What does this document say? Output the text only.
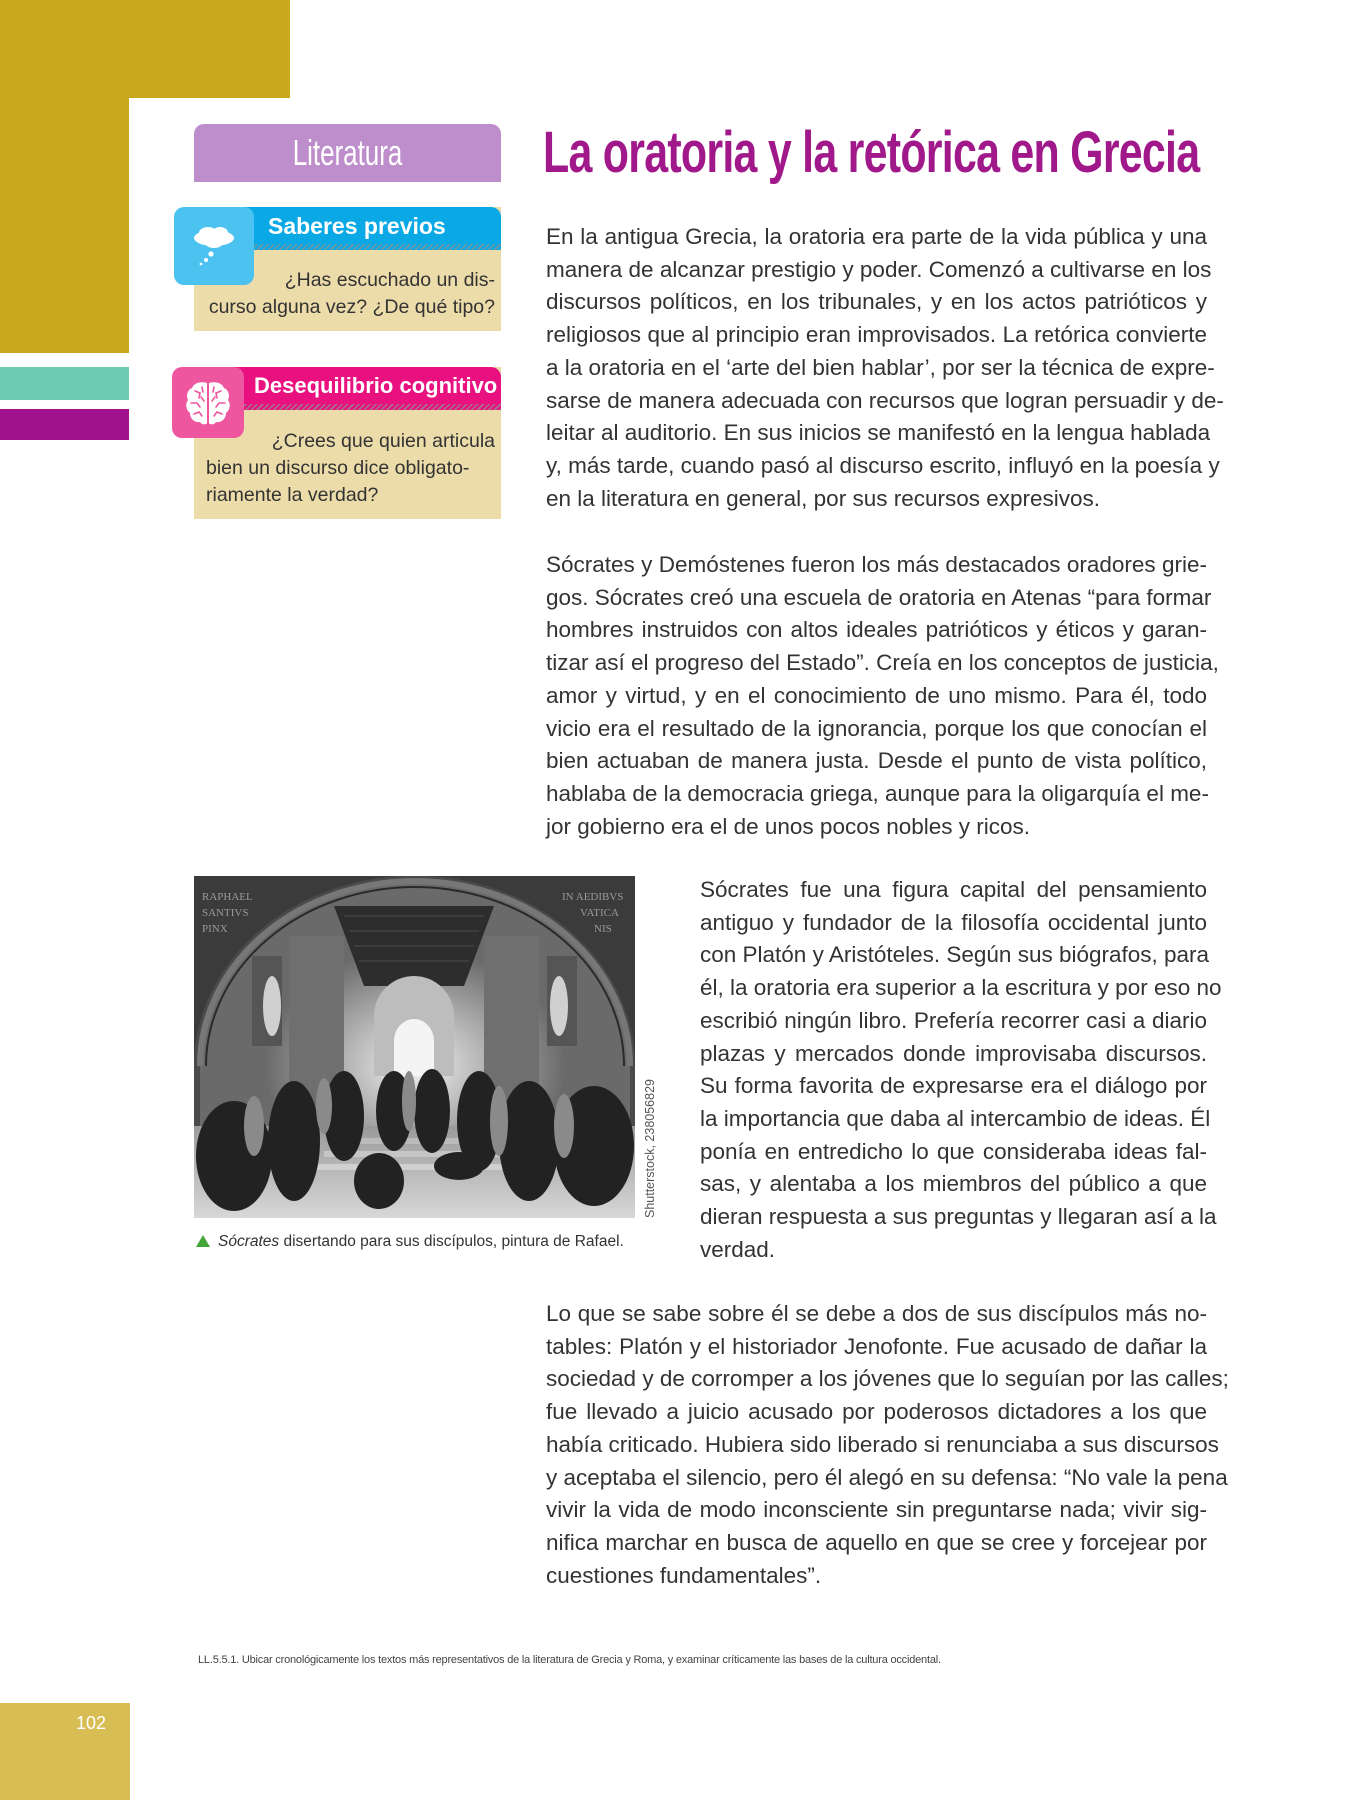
Literatura
Saberes previos
¿Has escuchado un dis-
curso alguna vez? ¿De qué tipo?
Desequilibrio cognitivo
¿Crees que quien articula
bien un discurso dice obligato-
riamente la verdad?
La oratoria y la retórica en Grecia
En la antigua Grecia, la oratoria era parte de la vida pública y una
manera de alcanzar prestigio y poder. Comenzó a cultivarse en los
discursos políticos, en los tribunales, y en los actos patrióticos y
religiosos que al principio eran improvisados. La retórica convierte
a la oratoria en el ‘arte del bien hablar’, por ser la técnica de expre-
sarse de manera adecuada con recursos que logran persuadir y de-
leitar al auditorio. En sus inicios se manifestó en la lengua hablada
y, más tarde, cuando pasó al discurso escrito, influyó en la poesía y
en la literatura en general, por sus recursos expresivos.
Sócrates y Demóstenes fueron los más destacados oradores grie-
gos. Sócrates creó una escuela de oratoria en Atenas “para formar
hombres instruidos con altos ideales patrióticos y éticos y garan-
tizar así el progreso del Estado”. Creía en los conceptos de justicia,
amor y virtud, y en el conocimiento de uno mismo. Para él, todo
vicio era el resultado de la ignorancia, porque los que conocían el
bien actuaban de manera justa. Desde el punto de vista político,
hablaba de la democracia griega, aunque para la oligarquía el me-
jor gobierno era el de unos pocos nobles y ricos.
RAPHAEL
SANTIVS
PINX
IN AEDIBVS
VATICA
NIS
Shutterstock, 238056829
Sócrates disertando para sus discípulos, pintura de Rafael.
Sócrates fue una figura capital del pensamiento
antiguo y fundador de la filosofía occidental junto
con Platón y Aristóteles. Según sus biógrafos, para
él, la oratoria era superior a la escritura y por eso no
escribió ningún libro. Prefería recorrer casi a diario
plazas y mercados donde improvisaba discursos.
Su forma favorita de expresarse era el diálogo por
la importancia que daba al intercambio de ideas. Él
ponía en entredicho lo que consideraba ideas fal-
sas, y alentaba a los miembros del público a que
dieran respuesta a sus preguntas y llegaran así a la
verdad.
Lo que se sabe sobre él se debe a dos de sus discípulos más no-
tables: Platón y el historiador Jenofonte. Fue acusado de dañar la
sociedad y de corromper a los jóvenes que lo seguían por las calles;
fue llevado a juicio acusado por poderosos dictadores a los que
había criticado. Hubiera sido liberado si renunciaba a sus discursos
y aceptaba el silencio, pero él alegó en su defensa: “No vale la pena
vivir la vida de modo inconsciente sin preguntarse nada; vivir sig-
nifica marchar en busca de aquello en que se cree y forcejear por
cuestiones fundamentales”.
LL.5.5.1. Ubicar cronológicamente los textos más representativos de la literatura de Grecia y Roma, y examinar críticamente las bases de la cultura occidental.
102
